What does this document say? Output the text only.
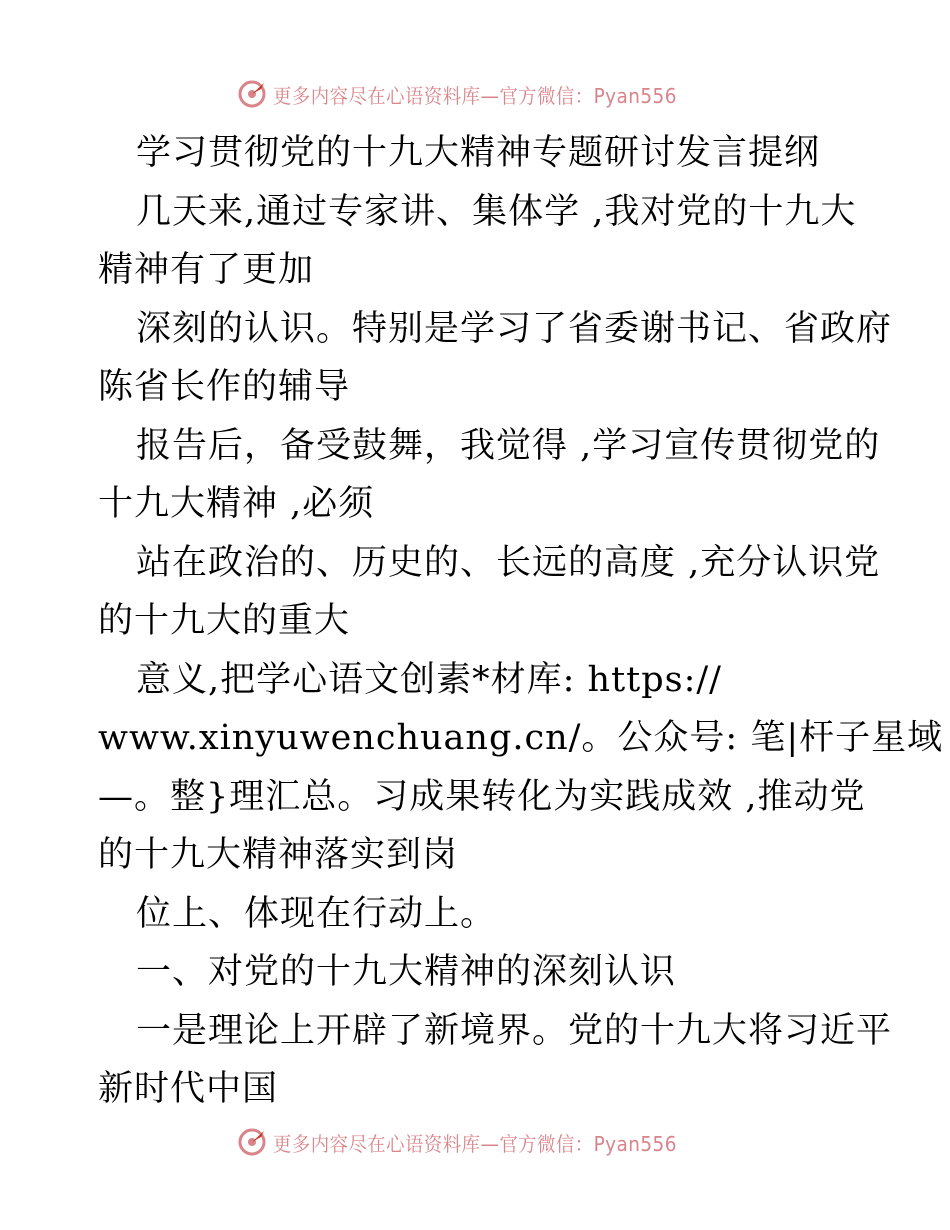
更多内容尽在心语资料库—官方微信：Pyan556
学习贯彻党的十九大精神专题研讨发言提纲
几天来,通过专家讲、集体学 ,我对党的十九大
精神有了更加
深刻的认识。特别是学习了省委谢书记、省政府
陈省长作的辅导
报告后，备受鼓舞，我觉得 ,学习宣传贯彻党的
十九大精神 ,必须
站在政治的、历史的、长远的高度 ,充分认识党
的十九大的重大
意义,把学心语文创素*材库: https://
www.xinyuwenchuang.cn/。公众号: 笔|杆子星域
—。整}理汇总。习成果转化为实践成效 ,推动党
的十九大精神落实到岗
位上、体现在行动上。
一、对党的十九大精神的深刻认识
一是理论上开辟了新境界。党的十九大将习近平
新时代中国
更多内容尽在心语资料库—官方微信：Pyan556
